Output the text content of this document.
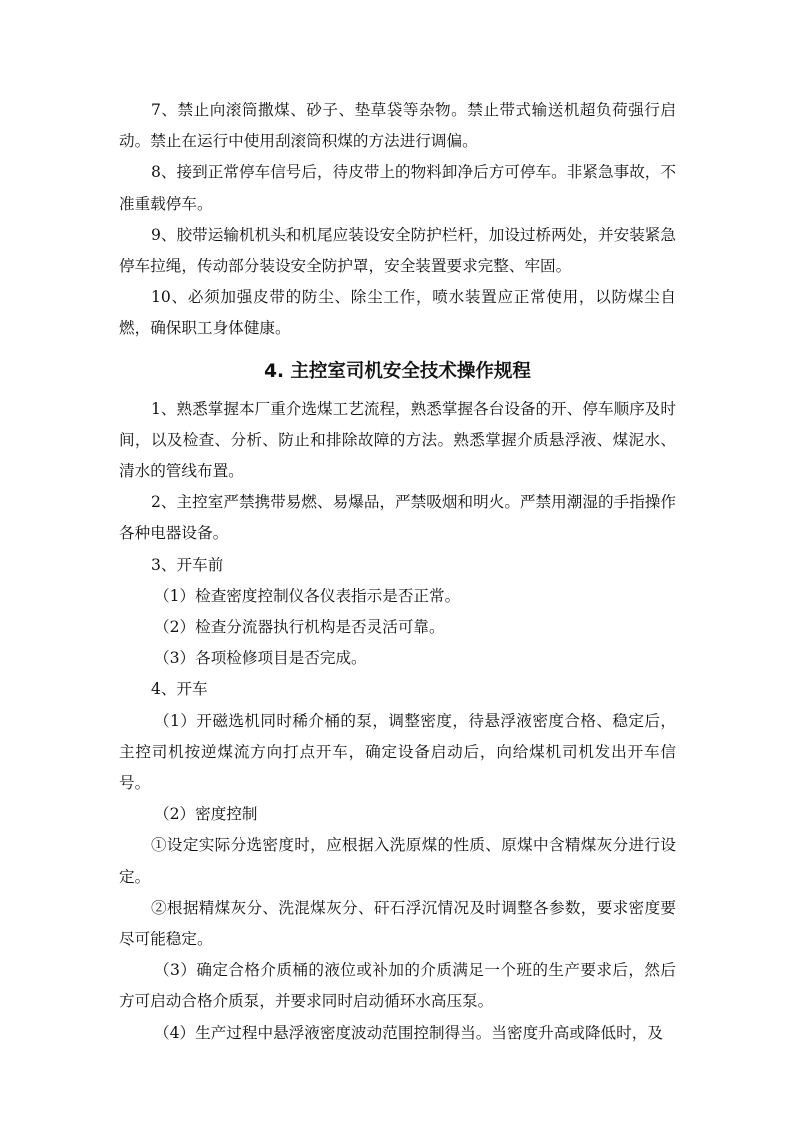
7、禁止向滚筒撒煤、砂子、垫草袋等杂物。禁止带式输送机超负荷强行启动。禁止在运行中使用刮滚筒积煤的方法进行调偏。

8、接到正常停车信号后，待皮带上的物料卸净后方可停车。非紧急事故，不准重载停车。

9、胶带运输机机头和机尾应装设安全防护栏杆，加设过桥两处，并安装紧急停车拉绳，传动部分装设安全防护罩，安全装置要求完整、牢固。

10、必须加强皮带的防尘、除尘工作，喷水装置应正常使用，以防煤尘自燃，确保职工身体健康。

4. 主控室司机安全技术操作规程

1、熟悉掌握本厂重介选煤工艺流程，熟悉掌握各台设备的开、停车顺序及时间，以及检查、分析、防止和排除故障的方法。熟悉掌握介质悬浮液、煤泥水、清水的管线布置。

2、主控室严禁携带易燃、易爆品，严禁吸烟和明火。严禁用潮湿的手指操作各种电器设备。

3、开车前

（1）检查密度控制仪各仪表指示是否正常。

（2）检查分流器执行机构是否灵活可靠。

（3）各项检修项目是否完成。

4、开车

（1）开磁选机同时稀介桶的泵，调整密度，待悬浮液密度合格、稳定后，主控司机按逆煤流方向打点开车，确定设备启动后，向给煤机司机发出开车信号。

（2）密度控制

①设定实际分选密度时，应根据入洗原煤的性质、原煤中含精煤灰分进行设定。

②根据精煤灰分、洗混煤灰分、矸石浮沉情况及时调整各参数，要求密度要尽可能稳定。

（3）确定合格介质桶的液位或补加的介质满足一个班的生产要求后，然后方可启动合格介质泵，并要求同时启动循环水高压泵。

（4）生产过程中悬浮液密度波动范围控制得当。当密度升高或降低时，及
